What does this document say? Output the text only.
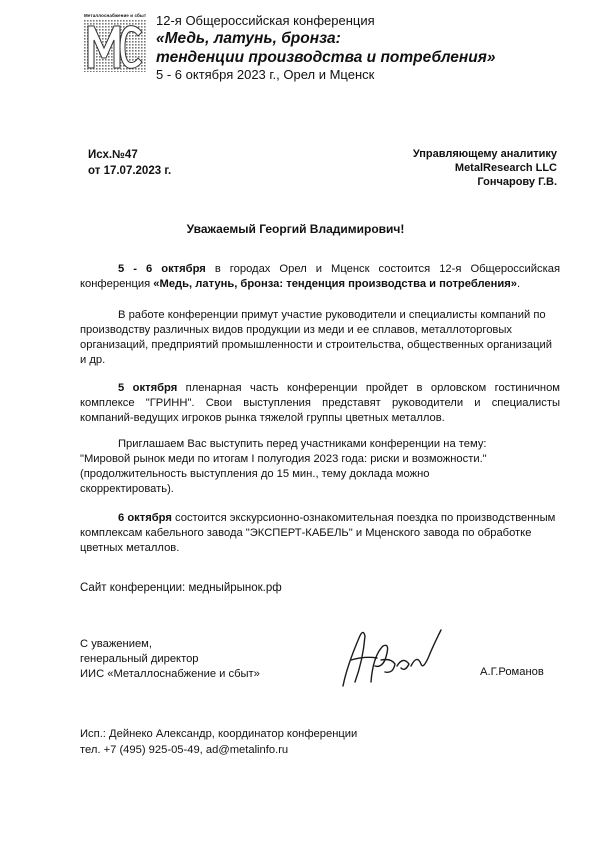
Металлоснабжение и сбыт 12-я Общероссийская конференция
«Медь, латунь, бронза:
тенденции производства и потребления»
5 - 6 октября 2023 г., Орел и Мценск
Исх.№47
от 17.07.2023 г.
Управляющему аналитику
MetalResearch LLC
Гончарову Г.В.
Уважаемый Георгий Владимирович!
5 - 6 октября в городах Орел и Мценск состоится 12-я Общероссийская конференция «Медь, латунь, бронза: тенденция производства и потребления».
В работе конференции примут участие руководители и специалисты компаний по производству различных видов продукции из меди и ее сплавов, металлоторговых организаций, предприятий промышленности и строительства, общественных организаций и др.
5 октября пленарная часть конференции пройдет в орловском гостиничном комплексе "ГРИНН". Свои выступления представят руководители и специалисты компаний-ведущих игроков рынка тяжелой группы цветных металлов.
Приглашаем Вас выступить перед участниками конференции на тему:
"Мировой рынок меди по итогам I полугодия 2023 года: риски и возможности."
(продолжительность выступления до 15 мин., тему доклада можно
скорректировать).
6 октября состоится экскурсионно-ознакомительная поездка по производственным комплексам кабельного завода "ЭКСПЕРТ-КАБЕЛЬ" и Мценского завода по обработке цветных металлов.
Сайт конференции: медныйрынок.рф
С уважением,
генеральный директор
ИИС «Металлоснабжение и сбыт»	А.Г.Романов
Исп.: Дейнеко Александр, координатор конференции
тел. +7 (495) 925-05-49, ad@metalinfo.ru
